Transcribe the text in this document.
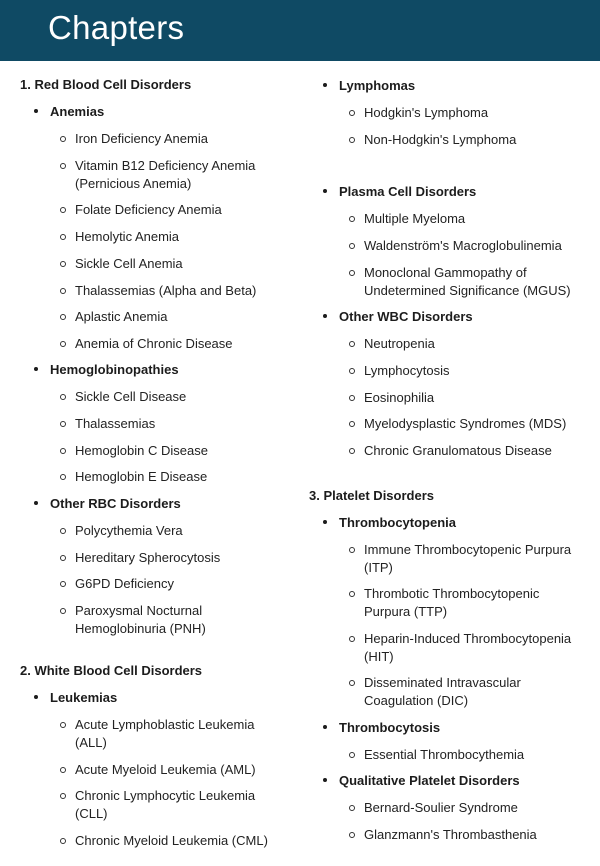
Chapters
1. Red Blood Cell Disorders
Anemias
Iron Deficiency Anemia
Vitamin B12 Deficiency Anemia
(Pernicious Anemia)
Folate Deficiency Anemia
Hemolytic Anemia
Sickle Cell Anemia
Thalassemias (Alpha and Beta)
Aplastic Anemia
Anemia of Chronic Disease
Hemoglobinopathies
Sickle Cell Disease
Thalassemias
Hemoglobin C Disease
Hemoglobin E Disease
Other RBC Disorders
Polycythemia Vera
Hereditary Spherocytosis
G6PD Deficiency
Paroxysmal Nocturnal
Hemoglobinuria (PNH)
2. White Blood Cell Disorders
Leukemias
Acute Lymphoblastic Leukemia
(ALL)
Acute Myeloid Leukemia (AML)
Chronic Lymphocytic Leukemia
(CLL)
Chronic Myeloid Leukemia (CML)
Lymphomas
Hodgkin's Lymphoma
Non-Hodgkin's Lymphoma
Plasma Cell Disorders
Multiple Myeloma
Waldenström's Macroglobulinemia
Monoclonal Gammopathy of
Undetermined Significance (MGUS)
Other WBC Disorders
Neutropenia
Lymphocytosis
Eosinophilia
Myelodysplastic Syndromes (MDS)
Chronic Granulomatous Disease
3. Platelet Disorders
Thrombocytopenia
Immune Thrombocytopenic Purpura
(ITP)
Thrombotic Thrombocytopenic
Purpura (TTP)
Heparin-Induced Thrombocytopenia
(HIT)
Disseminated Intravascular
Coagulation (DIC)
Thrombocytosis
Essential Thrombocythemia
Qualitative Platelet Disorders
Bernard-Soulier Syndrome
Glanzmann's Thrombasthenia
